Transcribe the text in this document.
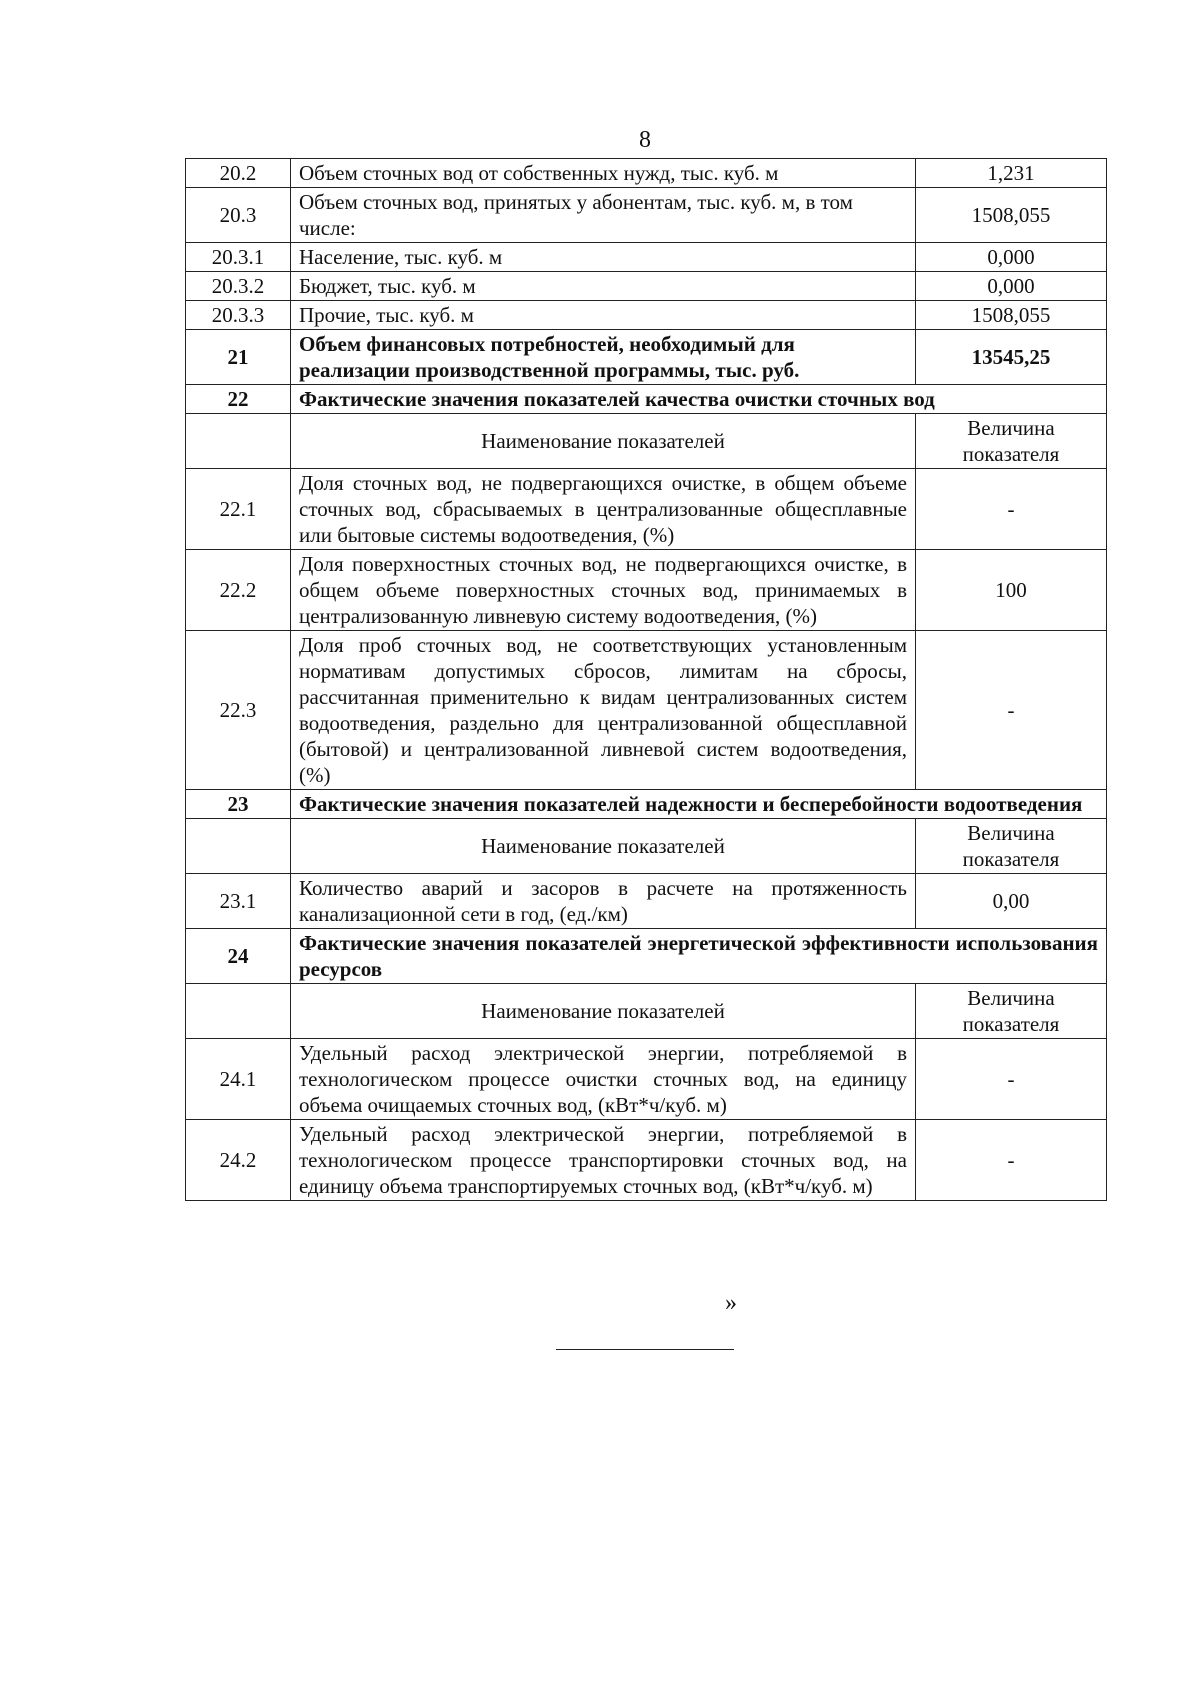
8
20.2	Объем сточных вод от собственных нужд, тыс. куб. м	1,231
20.3	Объем сточных вод, принятых у абонентам, тыс. куб. м, в том числе:	1508,055
20.3.1	Население, тыс. куб. м	0,000
20.3.2	Бюджет, тыс. куб. м	0,000
20.3.3	Прочие, тыс. куб. м	1508,055
21	Объем финансовых потребностей, необходимый для реализации производственной программы, тыс. руб.	13545,25
22	Фактические значения показателей качества очистки сточных вод	
	Наименование показателей	Величина показателя
22.1	Доля сточных вод, не подвергающихся очистке, в общем объеме сточных вод, сбрасываемых в централизованные общесплавные или бытовые системы водоотведения, (%)	-
22.2	Доля поверхностных сточных вод, не подвергающихся очистке, в общем объеме поверхностных сточных вод, принимаемых в централизованную ливневую систему водоотведения, (%)	100
22.3	Доля проб сточных вод, не соответствующих установленным нормативам допустимых сбросов, лимитам на сбросы, рассчитанная применительно к видам централизованных систем водоотведения, раздельно для централизованной общесплавной (бытовой) и централизованной ливневой систем водоотведения, (%)	-
23	Фактические значения показателей надежности и бесперебойности водоотведения	
	Наименование показателей	Величина показателя
23.1	Количество аварий и засоров в расчете на протяженность канализационной сети в год, (ед./км)	0,00
24	Фактические значения показателей энергетической эффективности использования ресурсов	
	Наименование показателей	Величина показателя
24.1	Удельный расход электрической энергии, потребляемой в технологическом процессе очистки сточных вод, на единицу объема очищаемых сточных вод, (кВт*ч/куб. м)	-
24.2	Удельный расход электрической энергии, потребляемой в технологическом процессе транспортировки сточных вод, на единицу объема транспортируемых сточных вод, (кВт*ч/куб. м)	-
»
